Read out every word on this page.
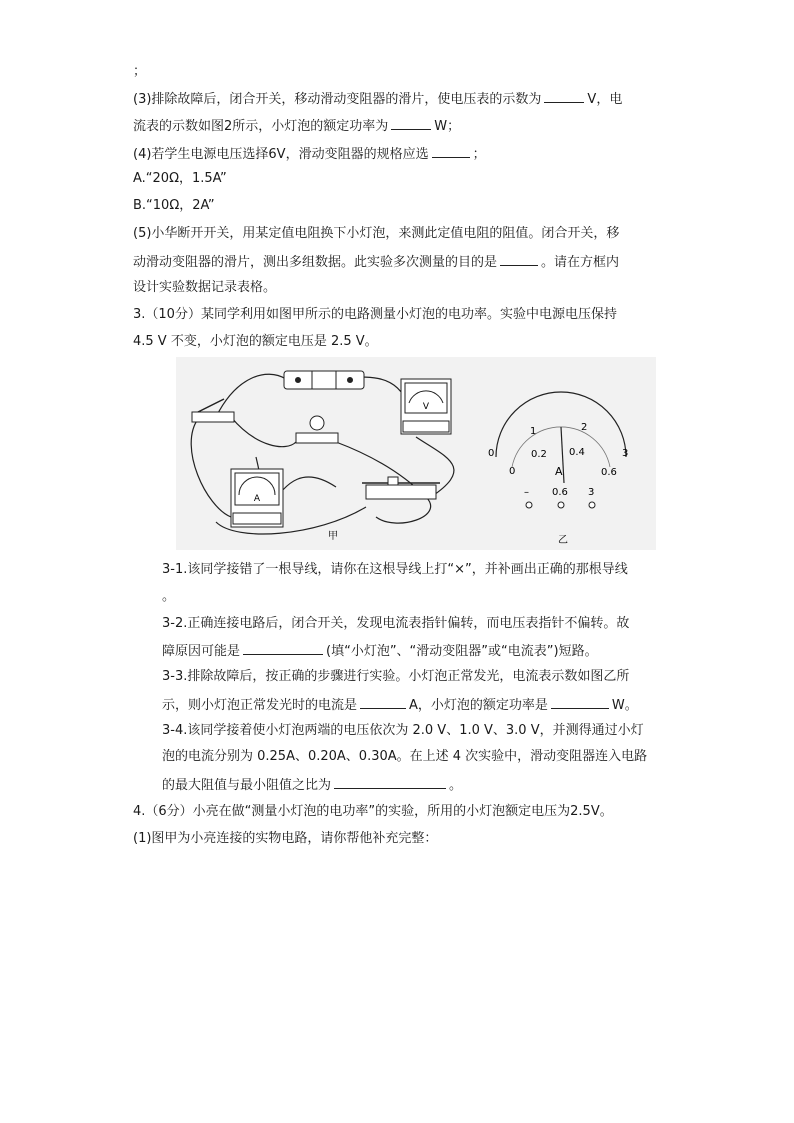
；
(3)排除故障后，闭合开关，移动滑动变阻器的滑片，使电压表的示数为	V，电
流表的示数如图2所示，小灯泡的额定功率为	W；
(4)若学生电源电压选择6V，滑动变阻器的规格应选	；
A.“20Ω，1.5A”
B.“10Ω，2A”
(5)小华断开开关，用某定值电阻换下小灯泡，来测此定值电阻的阻值。闭合开关，移
动滑动变阻器的滑片，测出多组数据。此实验多次测量的目的是	。请在方框内
设计实验数据记录表格。
3.（10分）某同学利用如图甲所示的电路测量小灯泡的电功率。实验中电源电压保持
4.5 V 不变，小灯泡的额定电压是 2.5 V。
V
A
甲
0
1	2
3
0
0.2 0.4
0.6
A
– 0.6 3
乙
3-1.该同学接错了一根导线，请你在这根导线上打“×”，并补画出正确的那根导线
。
3-2.正确连接电路后，闭合开关，发现电流表指针偏转，而电压表指针不偏转。故
障原因可能是	(填“小灯泡”、“滑动变阻器”或“电流表”)短路。
3-3.排除故障后，按正确的步骤进行实验。小灯泡正常发光，电流表示数如图乙所
示，则小灯泡正常发光时的电流是	A，小灯泡的额定功率是	W。
3-4.该同学接着使小灯泡两端的电压依次为 2.0 V、1.0 V、3.0 V，并测得通过小灯
泡的电流分别为 0.25A、0.20A、0.30A。在上述 4 次实验中，滑动变阻器连入电路
的最大阻值与最小阻值之比为	。
4.（6分）小亮在做“测量小灯泡的电功率”的实验，所用的小灯泡额定电压为2.5V。
(1)图甲为小亮连接的实物电路，请你帮他补充完整：
